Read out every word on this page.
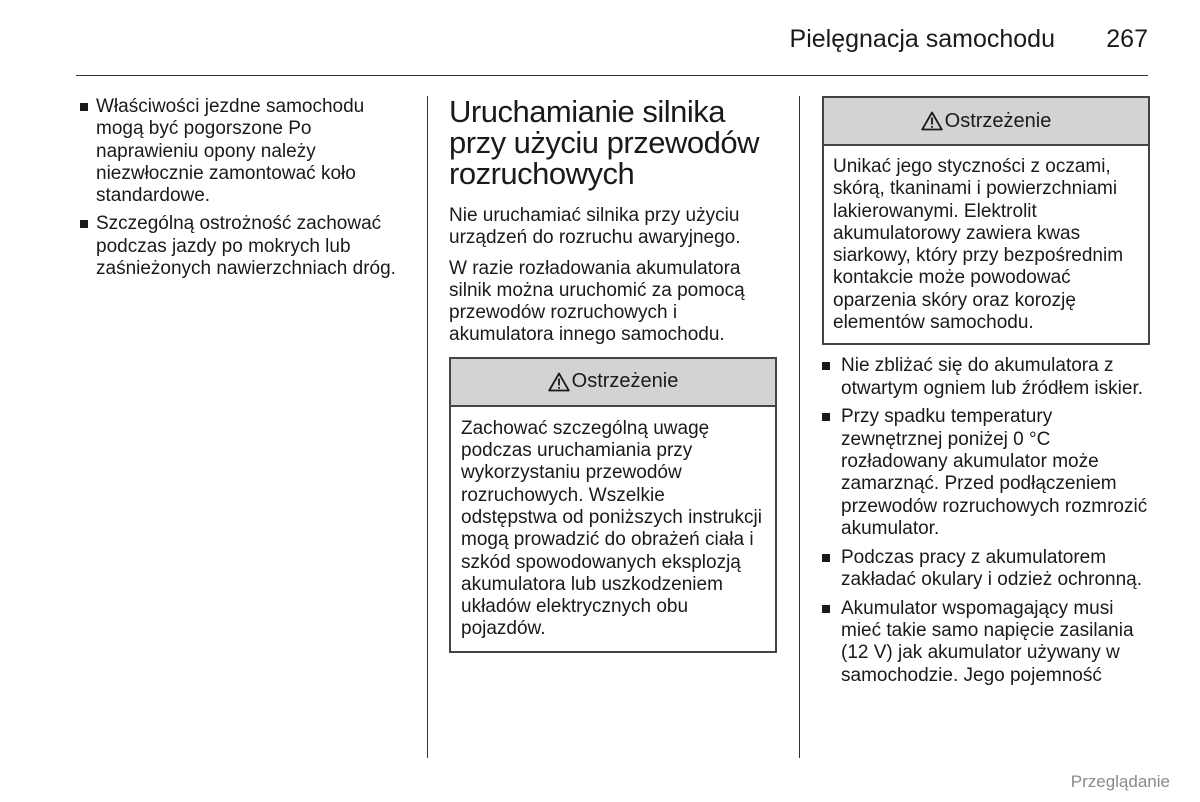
Pielęgnacja samochodu 267
Właściwości jezdne samochodu mogą być pogorszone Po naprawieniu opony należy niezwłocznie zamontować koło standardowe.
Szczególną ostrożność zachować podczas jazdy po mokrych lub zaśnieżonych nawierzchniach dróg.
Uruchamianie silnika przy użyciu przewodów rozruchowych

Nie uruchamiać silnika przy użyciu urządzeń do rozruchu awaryjnego.

W razie rozładowania akumulatora silnik można uruchomić za pomocą przewodów rozruchowych i akumulatora innego samochodu.

Ostrzeżenie
Zachować szczególną uwagę podczas uruchamiania przy wykorzystaniu przewodów rozruchowych. Wszelkie odstępstwa od poniższych instrukcji mogą prowadzić do obrażeń ciała i szkód spowodowanych eksplozją akumulatora lub uszkodzeniem układów elektrycznych obu pojazdów.
Ostrzeżenie
Unikać jego styczności z oczami, skórą, tkaninami i powierzchniami lakierowanymi. Elektrolit akumulatorowy zawiera kwas siarkowy, który przy bezpośrednim kontakcie może powodować oparzenia skóry oraz korozję elementów samochodu.
Nie zbliżać się do akumulatora z otwartym ogniem lub źródłem iskier.
Przy spadku temperatury zewnętrznej poniżej 0 °C rozładowany akumulator może zamarznąć. Przed podłączeniem przewodów rozruchowych rozmrozić akumulator.
Podczas pracy z akumulatorem zakładać okulary i odzież ochronną.
Akumulator wspomagający musi mieć takie samo napięcie zasilania (12 V) jak akumulator używany w samochodzie. Jego pojemność
Przeglądanie
